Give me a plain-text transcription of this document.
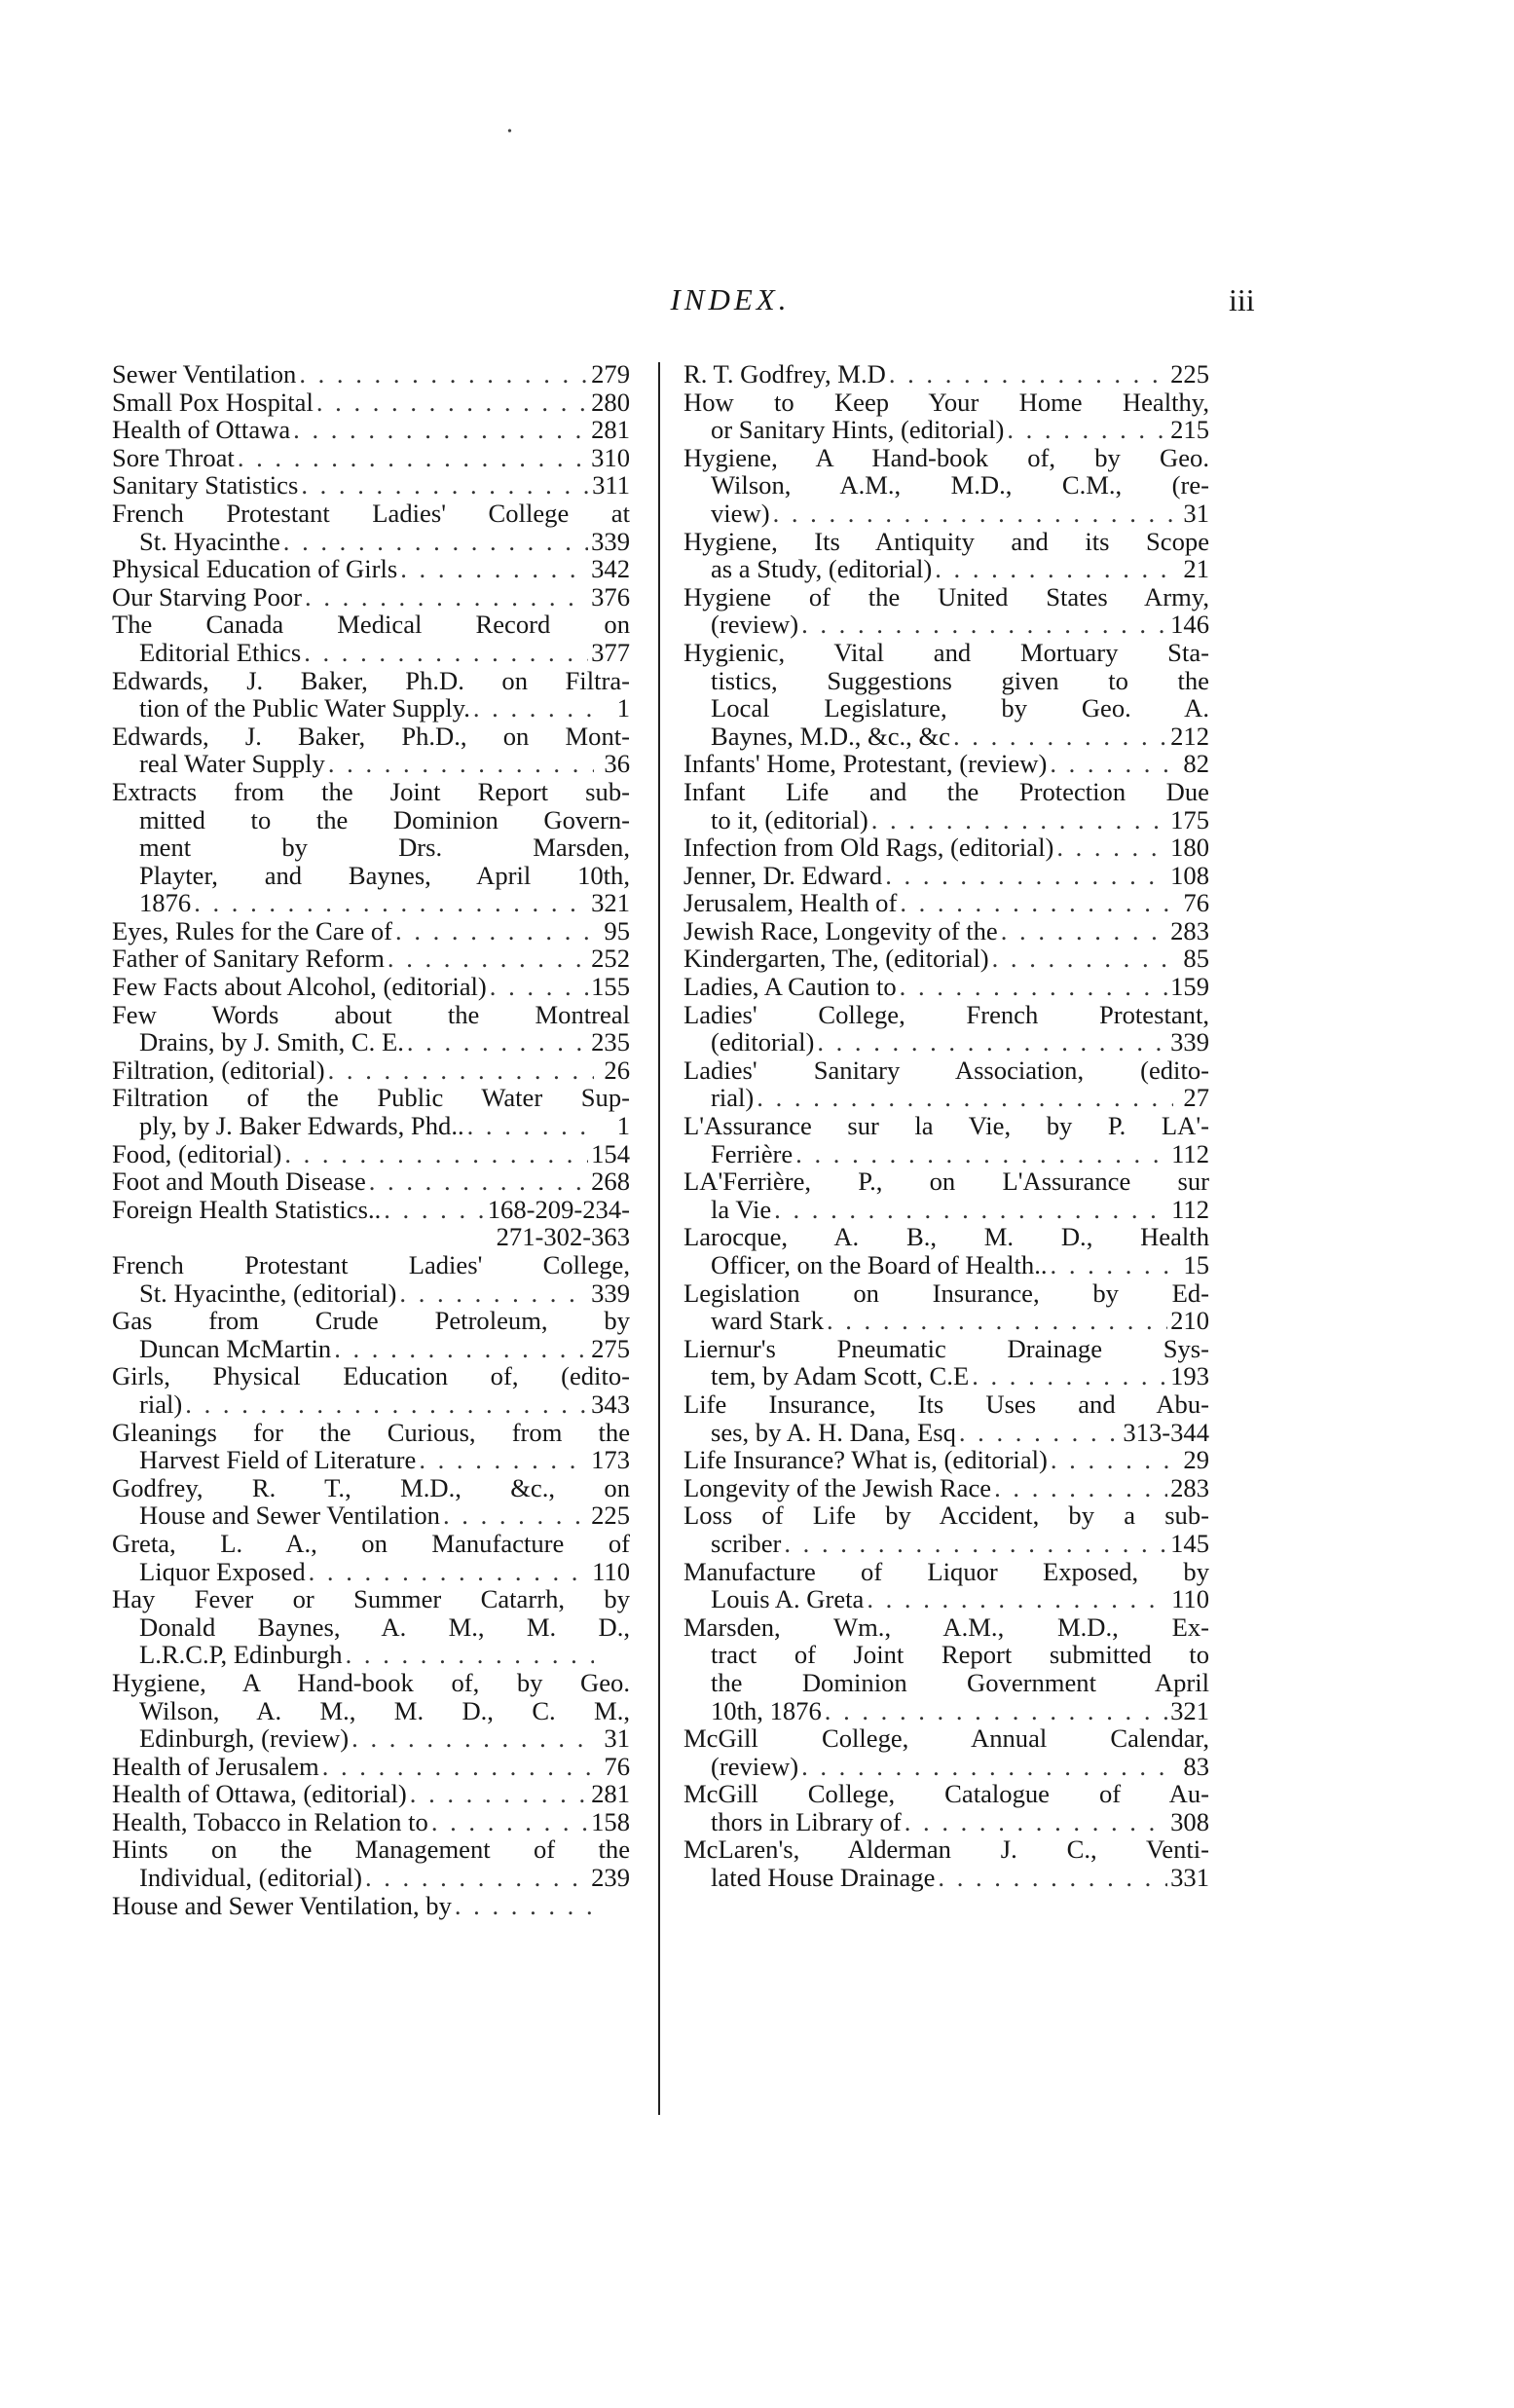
•
INDEX.	iii
Sewer Ventilation . . .	279
Small Pox Hospital . . .	280
Health of Ottawa . . .	281
Sore Throat . . .	310
Sanitary Statistics . . .	311
French Protestant Ladies' College at
St. Hyacinthe . . .	339
Physical Education of Girls . . .	342
Our Starving Poor . . .	376
The Canada Medical Record on
Editorial Ethics . . .	377
Edwards, J. Baker, Ph.D. on Filtra-
tion of the Public Water Supply. . . .	1
Edwards, J. Baker, Ph.D., on Mont-
real Water Supply . . .	36
Extracts from the Joint Report sub-
mitted to the Dominion Govern-
ment by Drs. Marsden,
Playter, and Baynes, April 10th,
1876 . . .	321
Eyes, Rules for the Care of . . .	95
Father of Sanitary Reform . . .	252
Few Facts about Alcohol, (editorial) . . .	155
Few Words about the Montreal
Drains, by J. Smith, C. E. . . .	235
Filtration, (editorial) . . .	26
Filtration of the Public Water Sup-
ply, by J. Baker Edwards, Phd.. . . .	1
Food, (editorial) . . .	154
Foot and Mouth Disease . . .	268
Foreign Health Statistics.. . . .	168-209-234-
271-302-363
French Protestant Ladies' College,
St. Hyacinthe, (editorial) . . .	339
Gas from Crude Petroleum, by
Duncan McMartin . . .	275
Girls, Physical Education of, (edito-
rial) . . .	343
Gleanings for the Curious, from the
Harvest Field of Literature . . .	173
Godfrey, R. T., M.D., &c., on
House and Sewer Ventilation . . .	225
Greta, L. A., on Manufacture of
Liquor Exposed . . .	110
Hay Fever or Summer Catarrh, by
Donald Baynes, A. M., M. D.,
L.R.C.P, Edinburgh
. . .
Hygiene, A Hand-book of, by Geo.
Wilson, A. M., M. D., C. M.,
Edinburgh, (review) . . .	31
Health of Jerusalem . . .	76
Health of Ottawa, (editorial) . . .	281
Health, Tobacco in Relation to . . .	158
Hints on the Management of the
Individual, (editorial) . . .	239
House and Sewer Ventilation, by
. . .
R. T. Godfrey, M.D . . .	225
How to Keep Your Home Healthy,
or Sanitary Hints, (editorial) . . .	215
Hygiene, A Hand-book of, by Geo.
Wilson, A.M., M.D., C.M., (re-
view) . . .	31
Hygiene, Its Antiquity and its Scope
as a Study, (editorial) . . .	21
Hygiene of the United States Army,
(review) . . .	146
Hygienic, Vital and Mortuary Sta-
tistics, Suggestions given to the
Local Legislature, by Geo. A.
Baynes, M.D., &c., &c . . .	212
Infants' Home, Protestant, (review) . . .	82
Infant Life and the Protection Due
to it, (editorial) . . .	175
Infection from Old Rags, (editorial) . . .	180
Jenner, Dr. Edward . . .	108
Jerusalem, Health of . . .	76
Jewish Race, Longevity of the . . .	283
Kindergarten, The, (editorial) . . .	85
Ladies, A Caution to . . .	159
Ladies' College, French Protestant,
(editorial) . . .	339
Ladies' Sanitary Association, (edito-
rial) . . .	27
L'Assurance sur la Vie, by P. LA'-
Ferrière . . .	112
LA'Ferrière, P., on L'Assurance sur
la Vie . . .	112
Larocque, A. B., M. D., Health
Officer, on the Board of Health.. . . .	15
Legislation on Insurance, by Ed-
ward Stark . . .	210
Liernur's Pneumatic Drainage Sys-
tem, by Adam Scott, C.E . . .	193
Life Insurance, Its Uses and Abu-
ses, by A. H. Dana, Esq . . .	313-344
Life Insurance? What is, (editorial) . . .	29
Longevity of the Jewish Race . . .	283
Loss of Life by Accident, by a sub-
scriber . . .	145
Manufacture of Liquor Exposed, by
Louis A. Greta . . .	110
Marsden, Wm., A.M., M.D., Ex-
tract of Joint Report submitted to
the Dominion Government April
10th, 1876 . . .	321
McGill College, Annual Calendar,
(review) . . .	83
McGill College, Catalogue of Au-
thors in Library of . . .	308
McLaren's, Alderman J. C., Venti-
lated House Drainage . . .	331
